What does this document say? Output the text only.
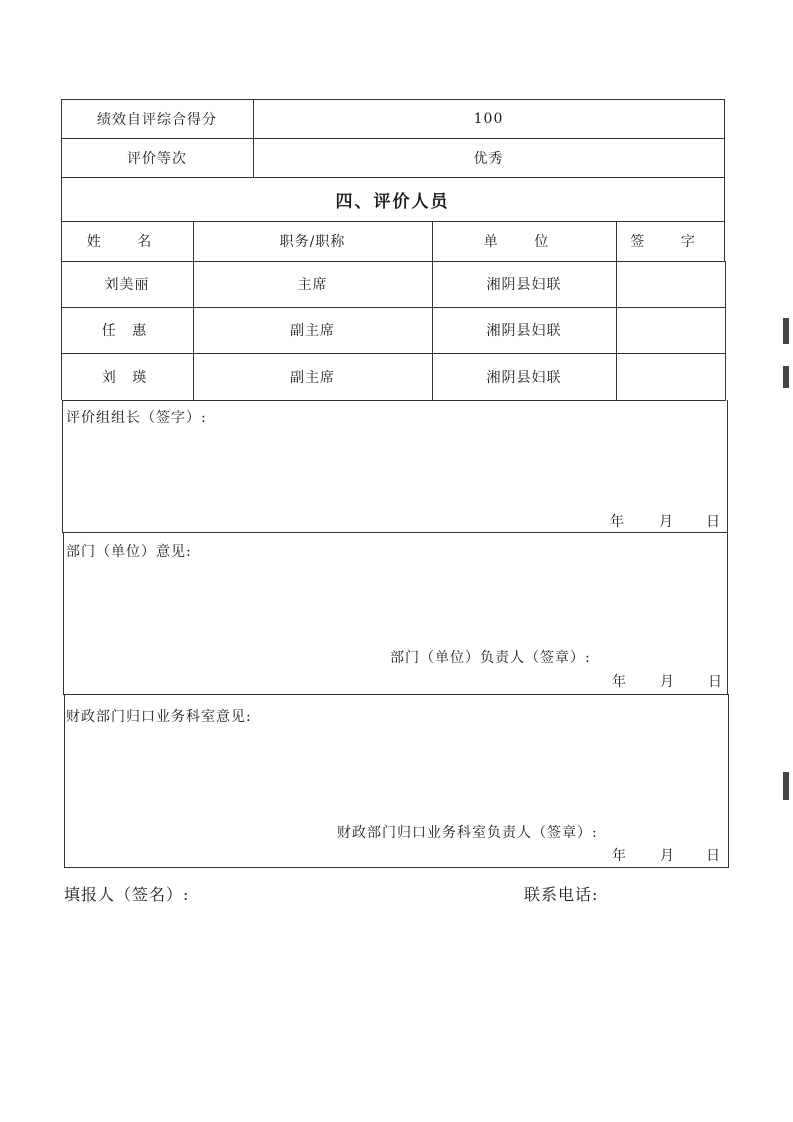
绩效自评综合得分	100
评价等次	优秀
四、评价人员
姓 名	职务/职称	单 位	签 字
刘美丽	主席	湘阴县妇联
任 惠	副主席	湘阴县妇联
刘 瑛	副主席	湘阴县妇联
评价组组长（签字）:
年 月 日
部门（单位）意见:
部门（单位）负责人（签章）:
年 月 日
财政部门归口业务科室意见:
财政部门归口业务科室负责人（签章）:
年 月 日
填报人（签名）:	联系电话:
